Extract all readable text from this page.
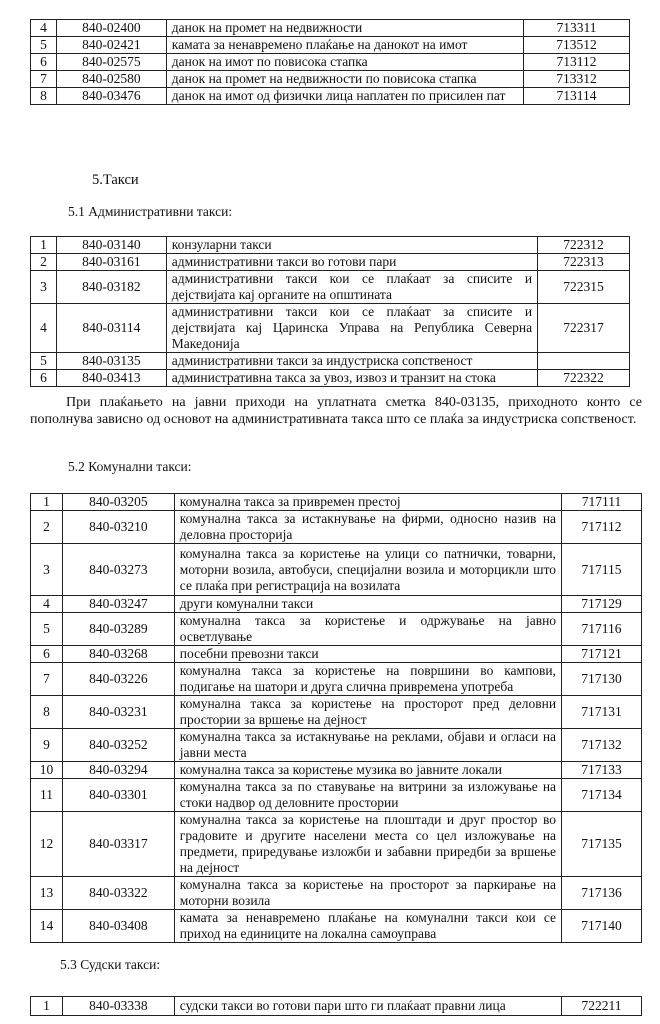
4	840-02400	данок на промет на недвижности	713311
5	840-02421	камата за ненавремено плаќање на данокот на имот	713512
6	840-02575	данок на имот по повисока стапка	713112
7	840-02580	данок на промет на недвижности по повисока стапка	713312
8	840-03476	данок на имот од физички лица наплатен по присилен пат	713114
5.Такси
5.1 Административни такси:
1	840-03140	конзуларни такси	722312
2	840-03161	административни такси во готови пари	722313
3	840-03182	административни такси кои се плаќаат за списите и дејствијата кај органите на општината	722315
4	840-03114	административни такси кои се плаќаат за списите и дејствијата кај Царинска Управа на Република Северна Македонија	722317
5	840-03135	административни такси за индустриска сопственост	
6	840-03413	административна такса за увоз, извоз и транзит на стока	722322

При плаќањето на јавни приходи на уплатната сметка 840-03135, приходното конто се пополнува зависно од основот на административната такса што се плаќа за индустриска сопственост.

5.2 Комунални такси:
1	840-03205	комунална такса за привремен престој	717111
2	840-03210	комунална такса за истакнување на фирми, односно назив на деловна просторија	717112
3	840-03273	комунална такса за користење на улици со патнички, товарни, моторни возила, автобуси, специјални возила и моторцикли што се плаќа при регистрација на возилата	717115
4	840-03247	други комунални такси	717129
5	840-03289	комунална такса за користење и одржување на јавно осветлување	717116
6	840-03268	посебни превозни такси	717121
7	840-03226	комунална такса за користење на површини во кампови, подигање на шатори и друга слична привремена употреба	717130
8	840-03231	комунална такса за користење на просторот пред деловни простории за вршење на дејност	717131
9	840-03252	комунална такса за истакнување на реклами, објави и огласи на јавни места	717132
10	840-03294	комунална такса за користење музика во јавните локали	717133
11	840-03301	комунална такса за по ставување на витрини за изложување на стоки надвор од деловните простории	717134
12	840-03317	комунална такса за користење на плоштади и друг простор во градовите и другите населени места со цел изложување на предмети, приредување изложби и забавни приредби за вршење на дејност	717135
13	840-03322	комунална такса за користење на просторот за паркирање на моторни возила	717136
14	840-03408	камата за ненавремено плаќање на комунални такси кои се приход на единиците на локална самоуправа	717140
5.3 Судски такси:
1	840-03338	судски такси во готови пари што ги плаќаат правни лица	722211
